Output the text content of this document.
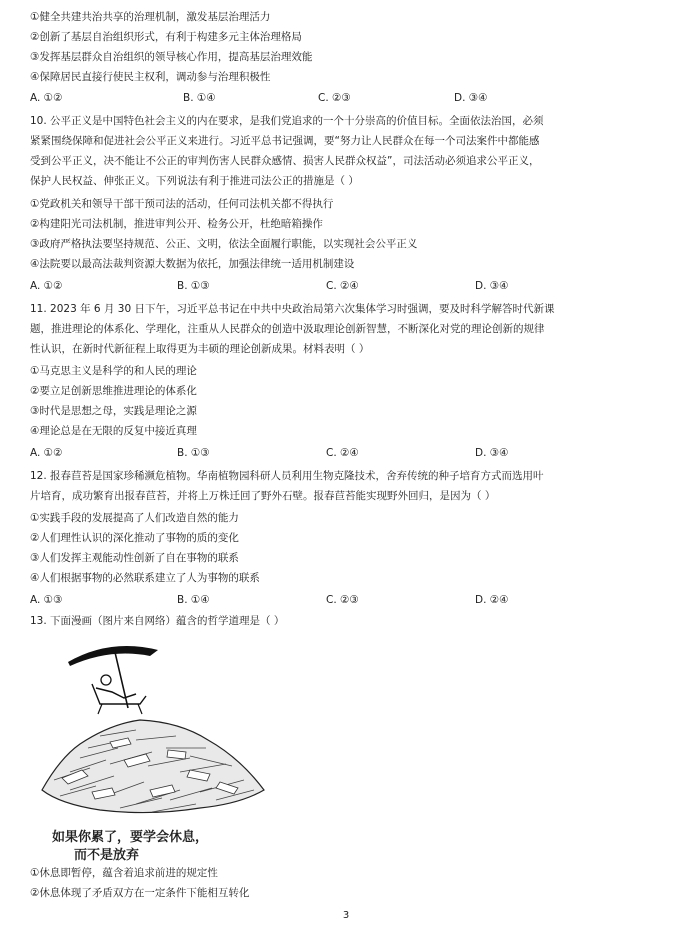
①健全共建共治共享的治理机制，激发基层治理活力
②创新了基层自治组织形式，有利于构建多元主体治理格局
③发挥基层群众自治组织的领导核心作用，提高基层治理效能
④保障居民直接行使民主权利，调动参与治理积极性
A. ①②	B. ①④	C. ②③	D. ③④
10. 公平正义是中国特色社会主义的内在要求，是我们党追求的一个十分崇高的价值目标。全面依法治国，必须
紧紧围绕保障和促进社会公平正义来进行。习近平总书记强调，要“努力让人民群众在每一个司法案件中都能感
受到公平正义，决不能让不公正的审判伤害人民群众感情、损害人民群众权益”，司法活动必须追求公平正义，
保护人民权益、伸张正义。下列说法有利于推进司法公正的措施是（ ）
①党政机关和领导干部干预司法的活动，任何司法机关都不得执行
②构建阳光司法机制，推进审判公开、检务公开，杜绝暗箱操作
③政府严格执法要坚持规范、公正、文明，依法全面履行职能，以实现社会公平正义
④法院要以最高法裁判资源大数据为依托，加强法律统一适用机制建设
A. ①②	B. ①③	C. ②④	D. ③④
11. 2023 年 6 月 30 日下午，习近平总书记在中共中央政治局第六次集体学习时强调，要及时科学解答时代新课
题，推进理论的体系化、学理化，注重从人民群众的创造中汲取理论创新智慧，不断深化对党的理论创新的规律
性认识，在新时代新征程上取得更为丰硕的理论创新成果。材料表明（ ）
①马克思主义是科学的和人民的理论
②要立足创新思维推进理论的体系化
③时代是思想之母，实践是理论之源
④理论总是在无限的反复中接近真理
A. ①②	B. ①③	C. ②④	D. ③④
12. 报春苣苔是国家珍稀濒危植物。华南植物园科研人员利用生物克隆技术，舍弃传统的种子培育方式而选用叶
片培育，成功繁育出报春苣苔，并将上万株迁回了野外石壁。报春苣苔能实现野外回归，是因为（ ）
①实践手段的发展提高了人们改造自然的能力
②人们理性认识的深化推动了事物的质的变化
③人们发挥主观能动性创新了自在事物的联系
④人们根据事物的必然联系建立了人为事物的联系
A. ①③	B. ①④	C. ②③	D. ②④
13. 下面漫画（图片来自网络）蕴含的哲学道理是（ ）
如果你累了，要学会休息，
而不是放弃
①休息即暂停，蕴含着追求前进的规定性
②休息体现了矛盾双方在一定条件下能相互转化
3
